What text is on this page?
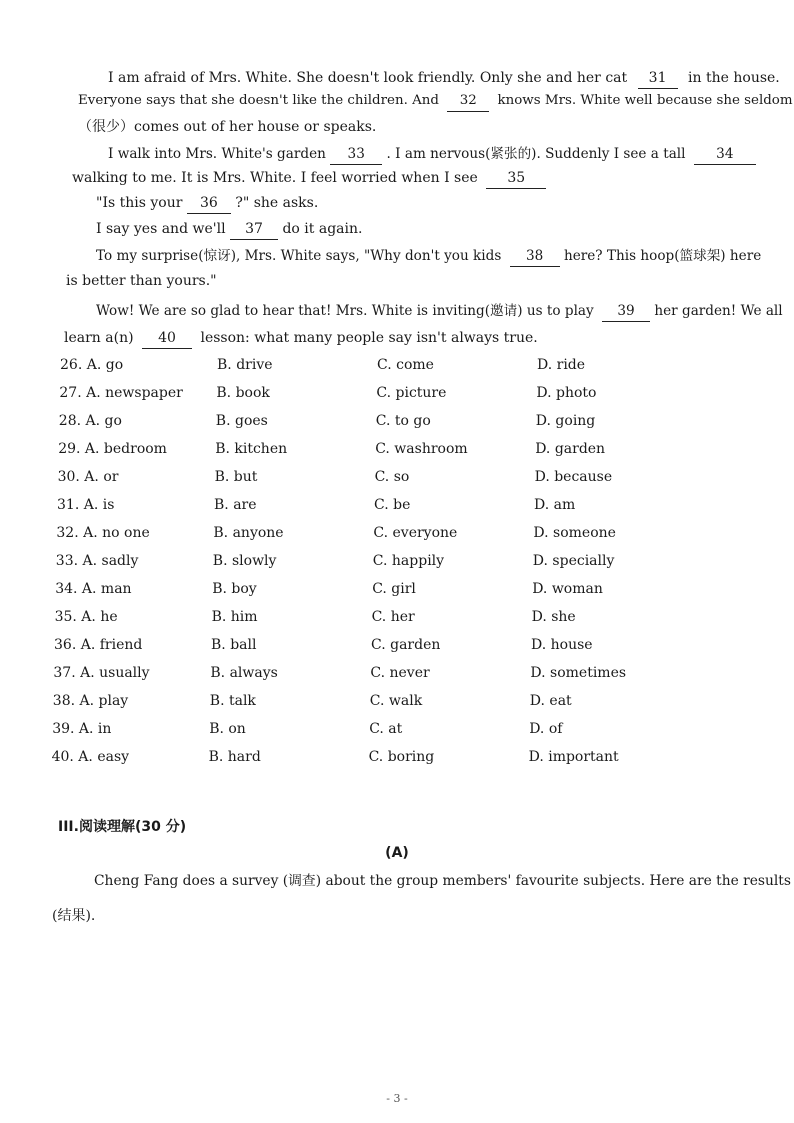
I am afraid of Mrs. White. She doesn't look friendly. Only she and her cat 31 in the house.
Everyone says that she doesn't like the children. And 32 knows Mrs. White well because she seldom
（很少）comes out of her house or speaks.
I walk into Mrs. White's garden 33 . I am nervous(紧张的). Suddenly I see a tall 34
walking to me. It is Mrs. White. I feel worried when I see 35
"Is this your 36 ?" she asks.
I say yes and we'll 37 do it again.
To my surprise(惊讶), Mrs. White says, "Why don't you kids 38 here? This hoop(篮球架) here
is better than yours."
Wow! We are so glad to hear that! Mrs. White is inviting(邀请) us to play 39 her garden! We all
learn a(n) 40 lesson: what many people say isn't always true.
26. A. go	B. drive	C. come	D. ride
27. A. newspaper B. book	C. picture	D. photo
28. A. go	B. goes	C. to go	D. going
29. A. bedroom	B. kitchen	C. washroom	D. garden
30. A. or	B. but	C. so	D. because
31. A. is	B. are	C. be	D. am
32. A. no one	B. anyone	C. everyone	D. someone
33. A. sadly	B. slowly	C. happily	D. specially
34. A. man	B. boy	C. girl	D. woman
35. A. he	B. him	C. her	D. she
36. A. friend	B. ball	C. garden	D. house
37. A. usually	B. always	C. never	D. sometimes
38. A. play	B. talk	C. walk	D. eat
39. A. in	B. on	C. at	D. of
40. A. easy	B. hard	C. boring	D. important
III.阅读理解(30 分)
(A)
Cheng Fang does a survey (调查) about the group members' favourite subjects. Here are the results
(结果).
- 3 -
